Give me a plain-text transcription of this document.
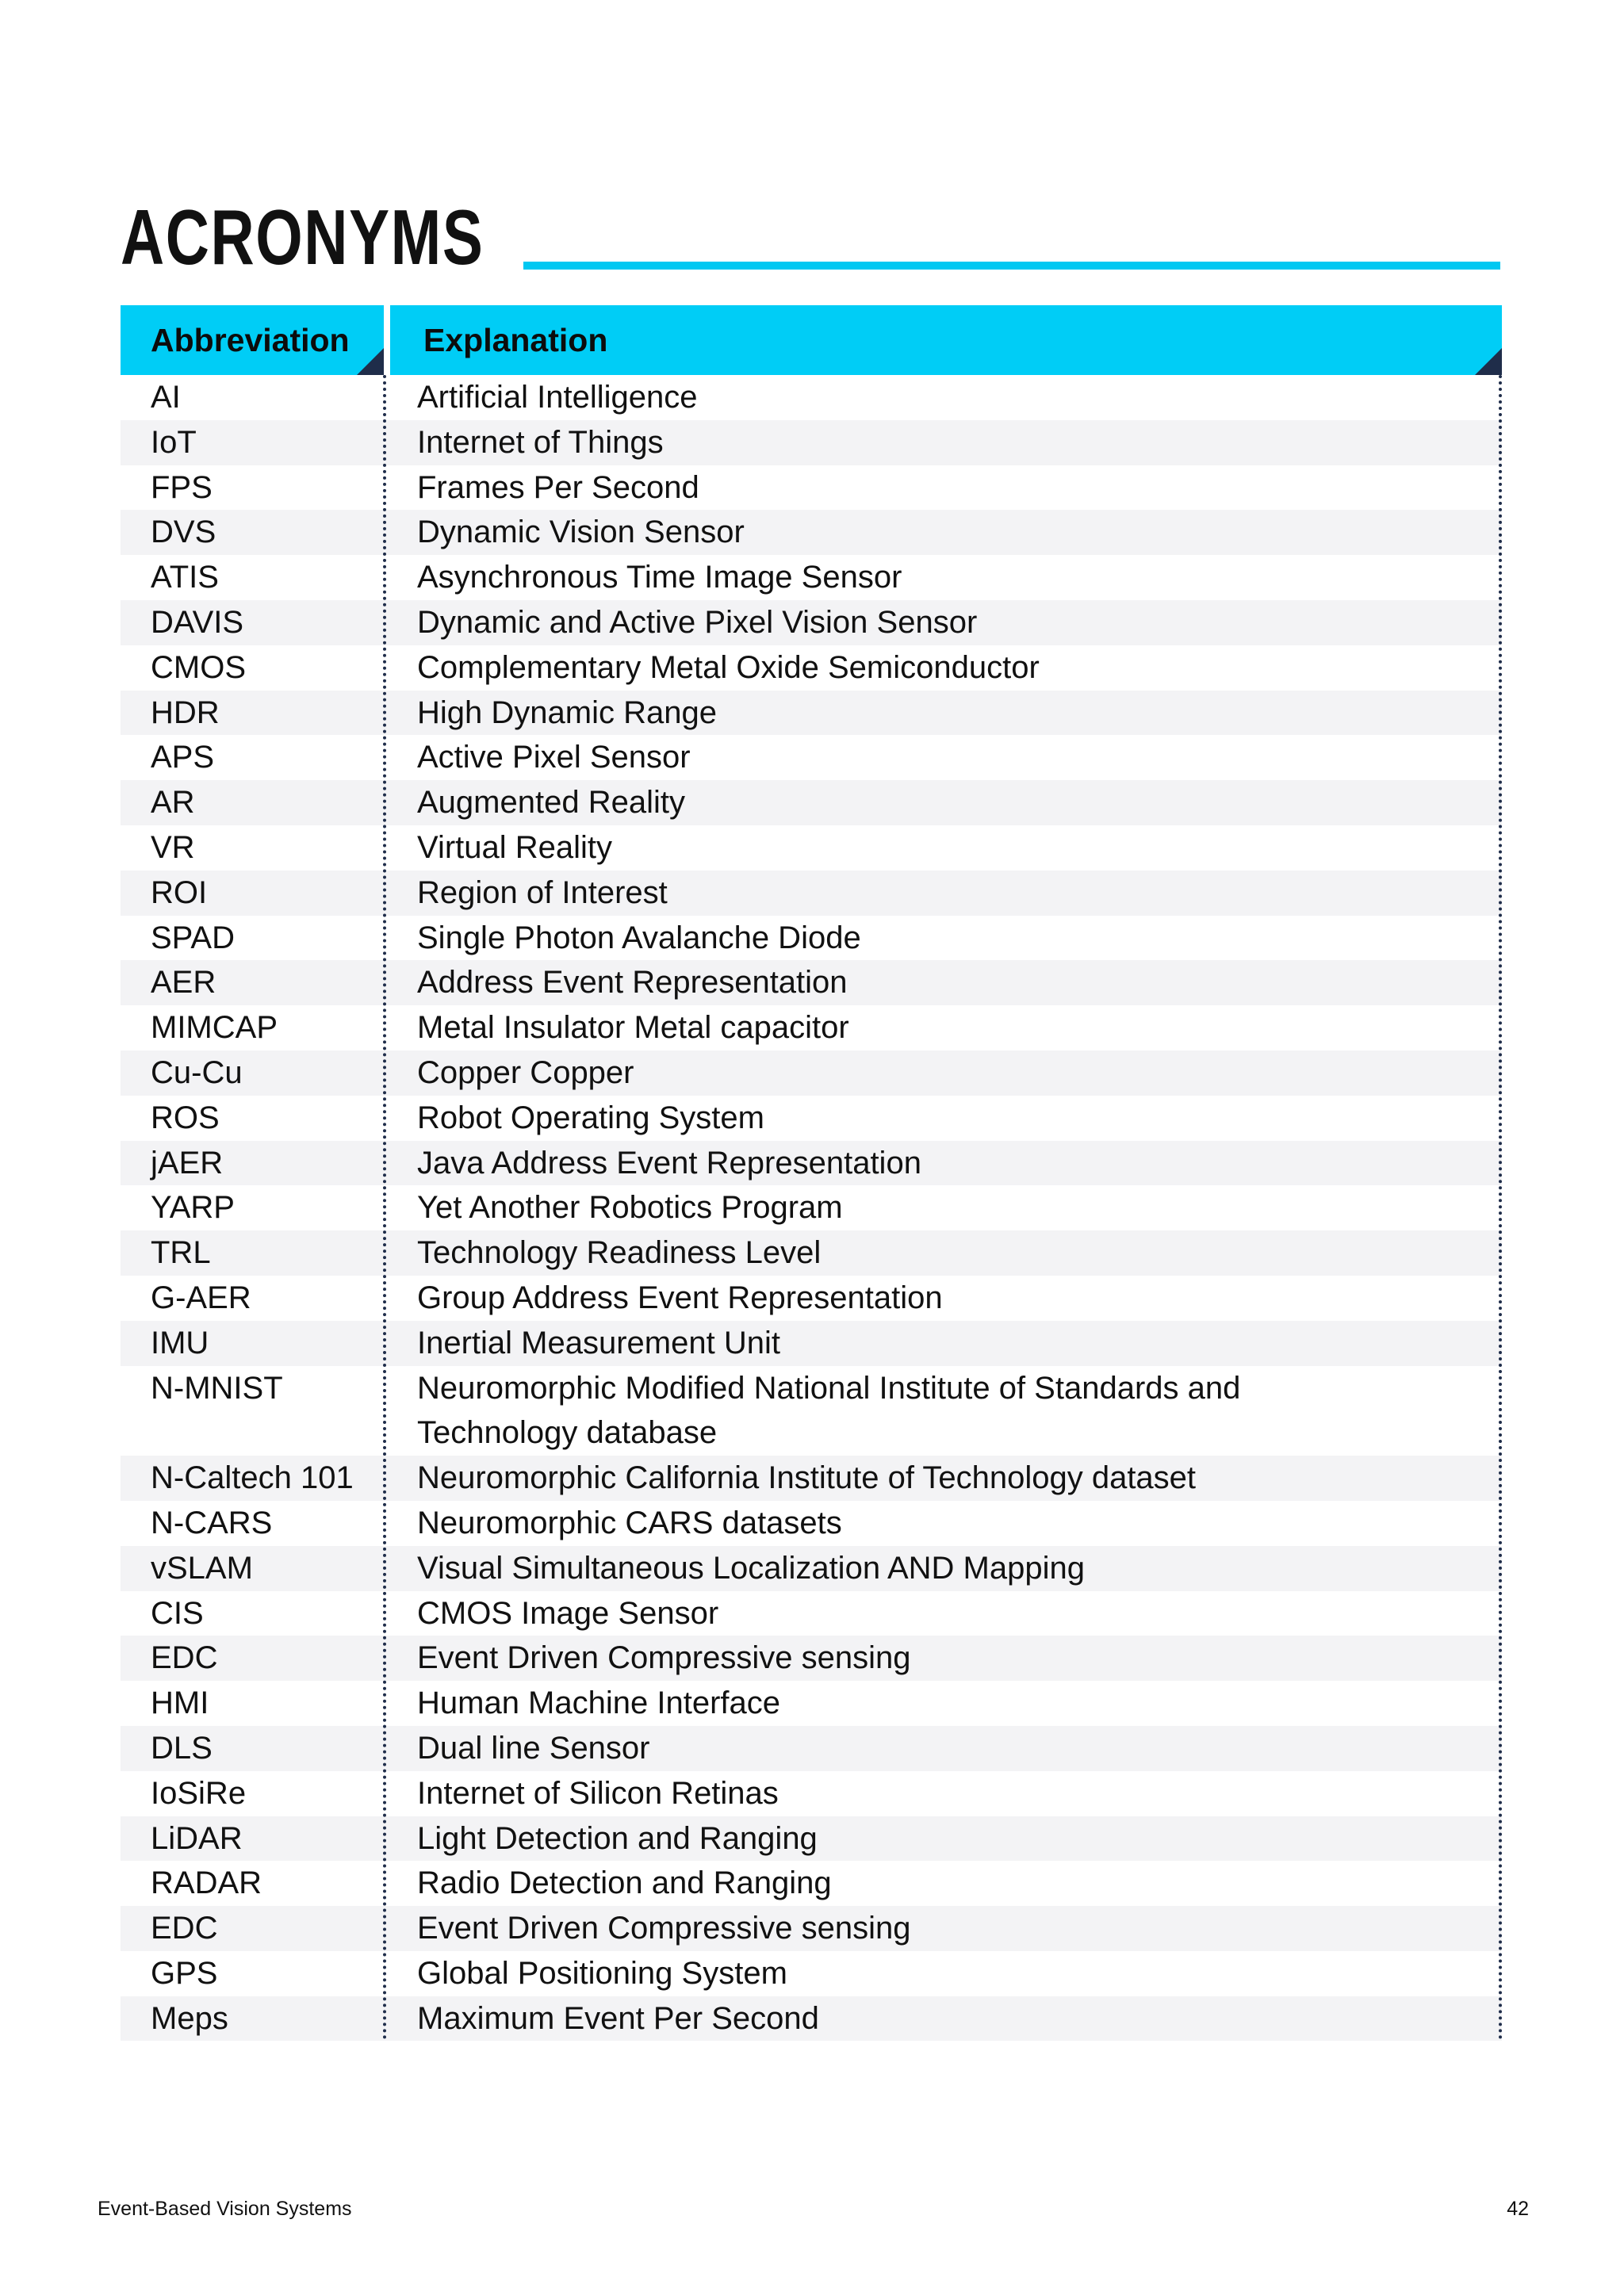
ACRONYMS
Abbreviation Explanation
AI	Artificial Intelligence
IoT	Internet of Things
FPS	Frames Per Second
DVS	Dynamic Vision Sensor
ATIS	Asynchronous Time Image Sensor
DAVIS	Dynamic and Active Pixel Vision Sensor
CMOS	Complementary Metal Oxide Semiconductor
HDR	High Dynamic Range
APS	Active Pixel Sensor
AR	Augmented Reality
VR	Virtual Reality
ROI	Region of Interest
SPAD	Single Photon Avalanche Diode
AER	Address Event Representation
MIMCAP	Metal Insulator Metal capacitor
Cu-Cu	Copper Copper
ROS	Robot Operating System
jAER	Java Address Event Representation
YARP	Yet Another Robotics Program
TRL	Technology Readiness Level
G-AER	Group Address Event Representation
IMU	Inertial Measurement Unit
N-MNIST	Neuromorphic Modified National Institute of Standards and Technology database
N-Caltech 101	Neuromorphic California Institute of Technology dataset
N-CARS	Neuromorphic CARS datasets
vSLAM	Visual Simultaneous Localization AND Mapping
CIS	CMOS Image Sensor
EDC	Event Driven Compressive sensing
HMI	Human Machine Interface
DLS	Dual line Sensor
IoSiRe	Internet of Silicon Retinas
LiDAR	Light Detection and Ranging
RADAR	Radio Detection and Ranging
EDC	Event Driven Compressive sensing
GPS	Global Positioning System
Meps	Maximum Event Per Second
Event-Based Vision Systems	42
